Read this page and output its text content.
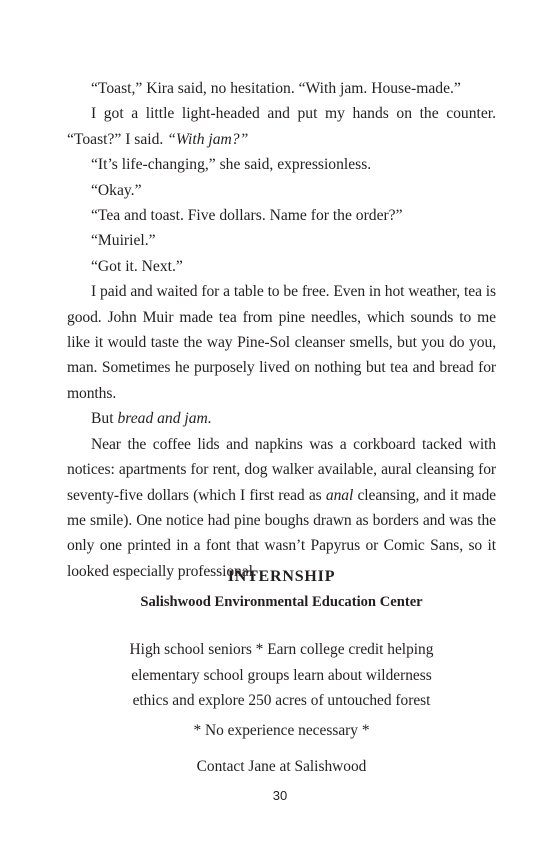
“Toast,” Kira said, no hesitation. “With jam. House-made.”

I got a little light-headed and put my hands on the counter. “Toast?” I said. “With jam?”

“It’s life-changing,” she said, expressionless.

“Okay.”

“Tea and toast. Five dollars. Name for the order?”

“Muiriel.”

“Got it. Next.”

I paid and waited for a table to be free. Even in hot weather, tea is good. John Muir made tea from pine needles, which sounds to me like it would taste the way Pine-Sol cleanser smells, but you do you, man. Sometimes he purposely lived on nothing but tea and bread for months.

But bread and jam.

Near the coffee lids and napkins was a corkboard tacked with notices: apartments for rent, dog walker available, aural cleansing for seventy-five dollars (which I first read as anal cleansing, and it made me smile). One notice had pine boughs drawn as borders and was the only one printed in a font that wasn’t Papyrus or Comic Sans, so it looked especially professional.

INTERNSHIP
Salishwood Environmental Education Center
High school seniors * Earn college credit helping
elementary school groups learn about wilderness
ethics and explore 250 acres of untouched forest
* No experience necessary *
Contact Jane at Salishwood
30
